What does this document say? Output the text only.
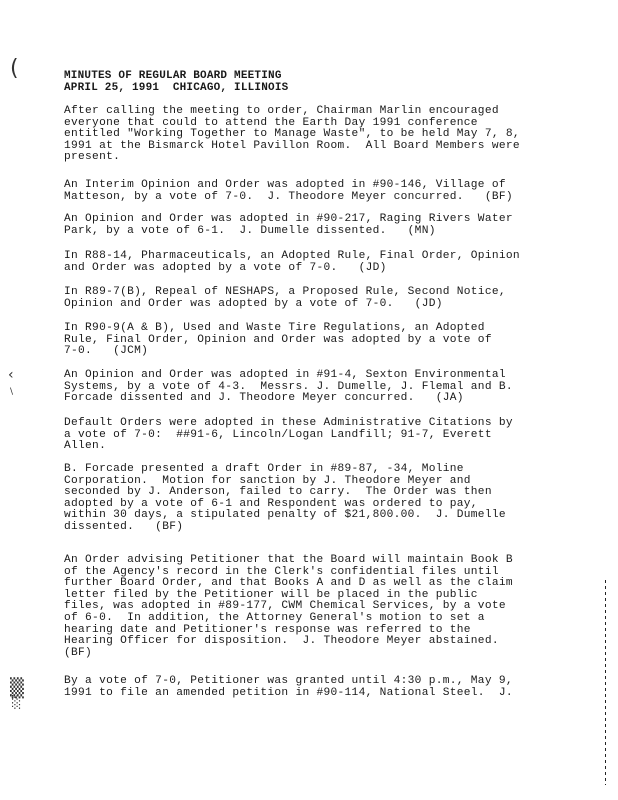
(
‹
\
▒
░
MINUTES OF REGULAR BOARD MEETING
APRIL 25, 1991  CHICAGO, ILLINOIS
After calling the meeting to order, Chairman Marlin encouraged
everyone that could to attend the Earth Day 1991 conference
entitled "Working Together to Manage Waste", to be held May 7, 8,
1991 at the Bismarck Hotel Pavillon Room.  All Board Members were
present.
An Interim Opinion and Order was adopted in #90-146, Village of
Matteson, by a vote of 7-0.  J. Theodore Meyer concurred.   (BF)
An Opinion and Order was adopted in #90-217, Raging Rivers Water
Park, by a vote of 6-1.  J. Dumelle dissented.   (MN)
In R88-14, Pharmaceuticals, an Adopted Rule, Final Order, Opinion
and Order was adopted by a vote of 7-0.   (JD)
In R89-7(B), Repeal of NESHAPS, a Proposed Rule, Second Notice,
Opinion and Order was adopted by a vote of 7-0.   (JD)
In R90-9(A & B), Used and Waste Tire Regulations, an Adopted
Rule, Final Order, Opinion and Order was adopted by a vote of
7-0.   (JCM)
An Opinion and Order was adopted in #91-4, Sexton Environmental
Systems, by a vote of 4-3.  Messrs. J. Dumelle, J. Flemal and B.
Forcade dissented and J. Theodore Meyer concurred.   (JA)
Default Orders were adopted in these Administrative Citations by
a vote of 7-0:  ##91-6, Lincoln/Logan Landfill; 91-7, Everett
Allen.
B. Forcade presented a draft Order in #89-87, -34, Moline
Corporation.  Motion for sanction by J. Theodore Meyer and
seconded by J. Anderson, failed to carry.  The Order was then
adopted by a vote of 6-1 and Respondent was ordered to pay,
within 30 days, a stipulated penalty of $21,800.00.  J. Dumelle
dissented.   (BF)
An Order advising Petitioner that the Board will maintain Book B
of the Agency's record in the Clerk's confidential files until
further Board Order, and that Books A and D as well as the claim
letter filed by the Petitioner will be placed in the public
files, was adopted in #89-177, CWM Chemical Services, by a vote
of 6-0.  In addition, the Attorney General's motion to set a
hearing date and Petitioner's response was referred to the
Hearing Officer for disposition.  J. Theodore Meyer abstained.
(BF)
By a vote of 7-0, Petitioner was granted until 4:30 p.m., May 9,
1991 to file an amended petition in #90-114, National Steel.  J.
